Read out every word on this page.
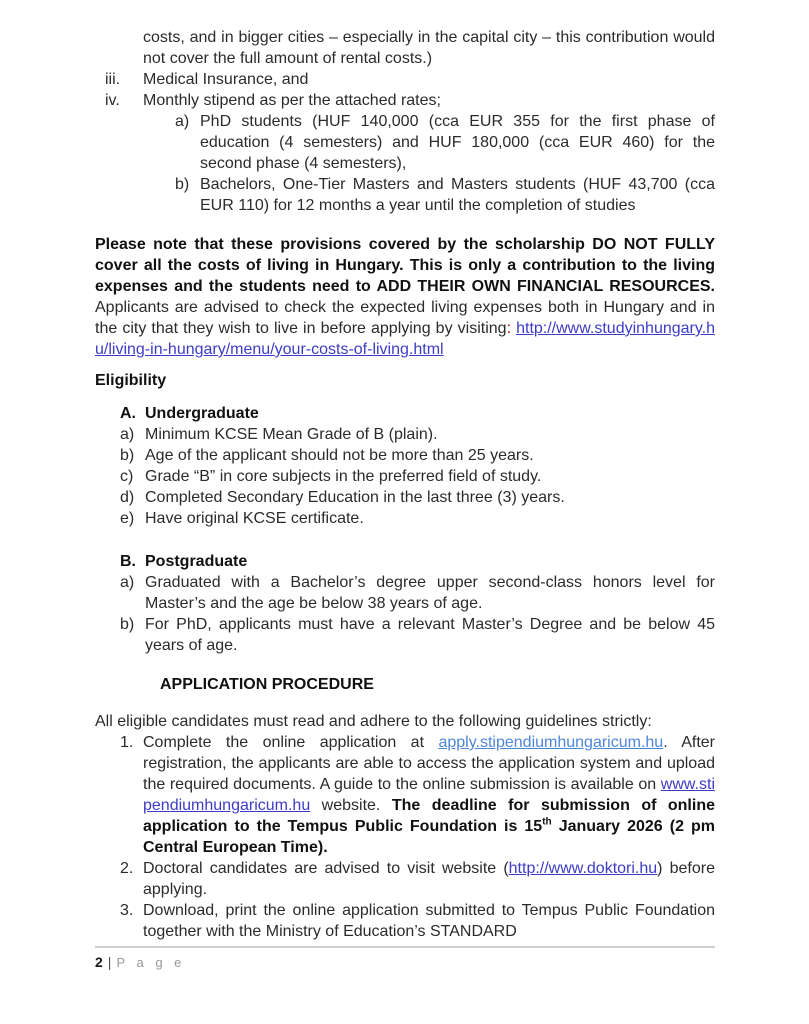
costs, and in bigger cities – especially in the capital city – this contribution would not cover the full amount of rental costs.)
iii.	Medical Insurance, and
iv.	Monthly stipend as per the attached rates;
a) PhD students (HUF 140,000 (cca EUR 355 for the first phase of education (4 semesters) and HUF 180,000 (cca EUR 460) for the second phase (4 semesters),
b) Bachelors, One-Tier Masters and Masters students (HUF 43,700 (cca EUR 110) for 12 months a year until the completion of studies
Please note that these provisions covered by the scholarship DO NOT FULLY cover all the costs of living in Hungary. This is only a contribution to the living expenses and the students need to ADD THEIR OWN FINANCIAL RESOURCES. Applicants are advised to check the expected living expenses both in Hungary and in the city that they wish to live in before applying by visiting: http://www.studyinhungary.hu/living-in-hungary/menu/your-costs-of-living.html
Eligibility
A. Undergraduate
a) Minimum KCSE Mean Grade of B (plain).
b) Age of the applicant should not be more than 25 years.
c) Grade “B” in core subjects in the preferred field of study.
d) Completed Secondary Education in the last three (3) years.
e) Have original KCSE certificate.
B. Postgraduate
a) Graduated with a Bachelor’s degree upper second-class honors level for Master’s and the age be below 38 years of age.
b) For PhD, applicants must have a relevant Master’s Degree and be below 45 years of age.
APPLICATION PROCEDURE
All eligible candidates must read and adhere to the following guidelines strictly:
1. Complete the online application at apply.stipendiumhungaricum.hu. After registration, the applicants are able to access the application system and upload the required documents. A guide to the online submission is available on www.stipendiumhungaricum.hu website. The deadline for submission of online application to the Tempus Public Foundation is 15th January 2026 (2 pm Central European Time).
2. Doctoral candidates are advised to visit website (http://www.doktori.hu) before applying.
3. Download, print the online application submitted to Tempus Public Foundation together with the Ministry of Education’s STANDARD
2 | P a g e
